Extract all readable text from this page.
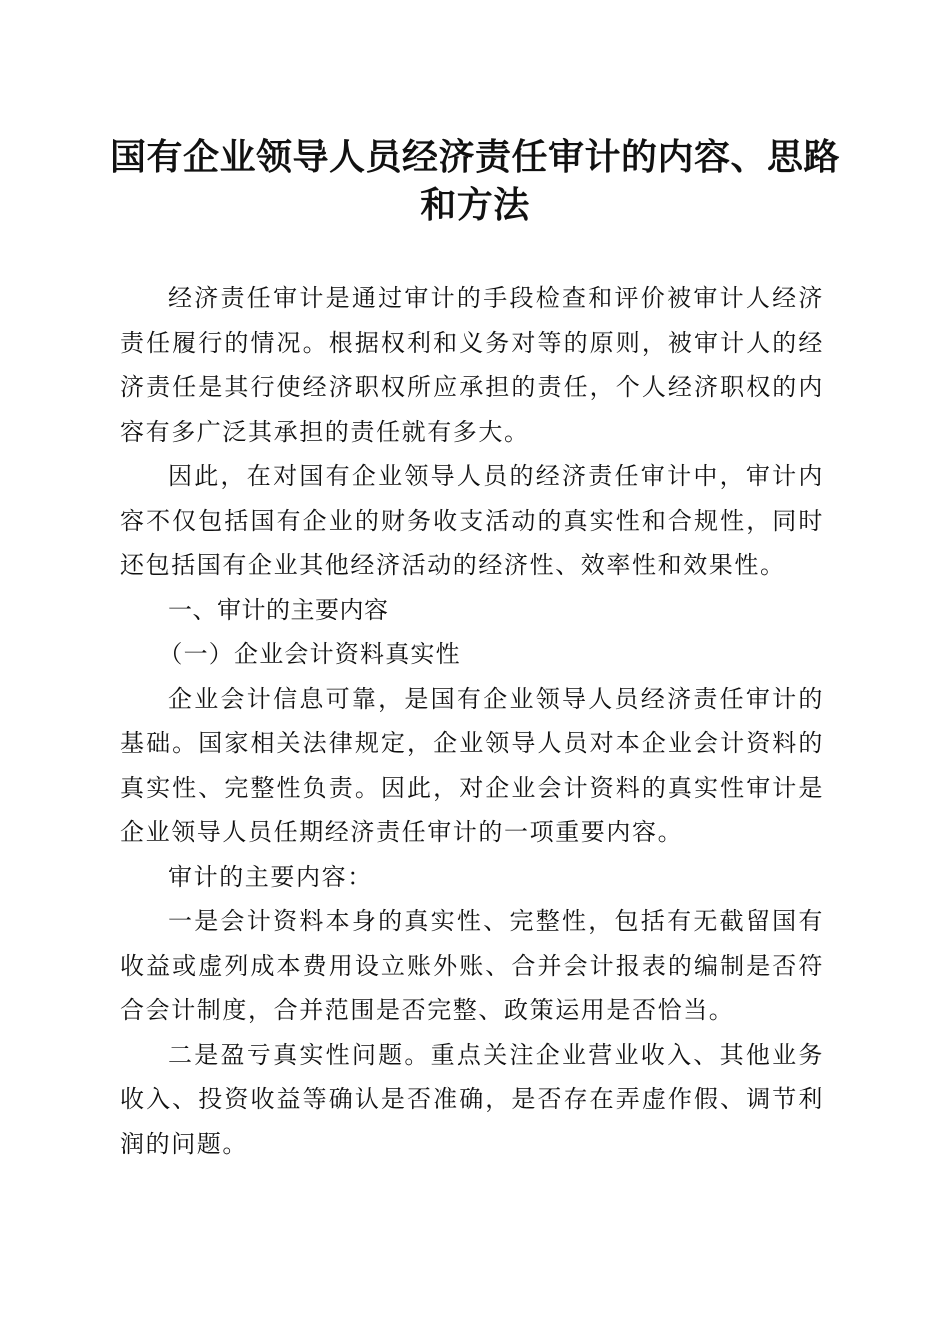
国有企业领导人员经济责任审计的内容、思路
和方法

经济责任审计是通过审计的手段检查和评价被审计人经济责任履行的情况。根据权利和义务对等的原则，被审计人的经济责任是其行使经济职权所应承担的责任，个人经济职权的内容有多广泛其承担的责任就有多大。

因此，在对国有企业领导人员的经济责任审计中，审计内容不仅包括国有企业的财务收支活动的真实性和合规性，同时还包括国有企业其他经济活动的经济性、效率性和效果性。

一、审计的主要内容

（一）企业会计资料真实性

企业会计信息可靠，是国有企业领导人员经济责任审计的基础。国家相关法律规定，企业领导人员对本企业会计资料的真实性、完整性负责。因此，对企业会计资料的真实性审计是企业领导人员任期经济责任审计的一项重要内容。

审计的主要内容：

一是会计资料本身的真实性、完整性，包括有无截留国有收益或虚列成本费用设立账外账、合并会计报表的编制是否符合会计制度，合并范围是否完整、政策运用是否恰当。

二是盈亏真实性问题。重点关注企业营业收入、其他业务收入、投资收益等确认是否准确，是否存在弄虚作假、调节利润的问题。
